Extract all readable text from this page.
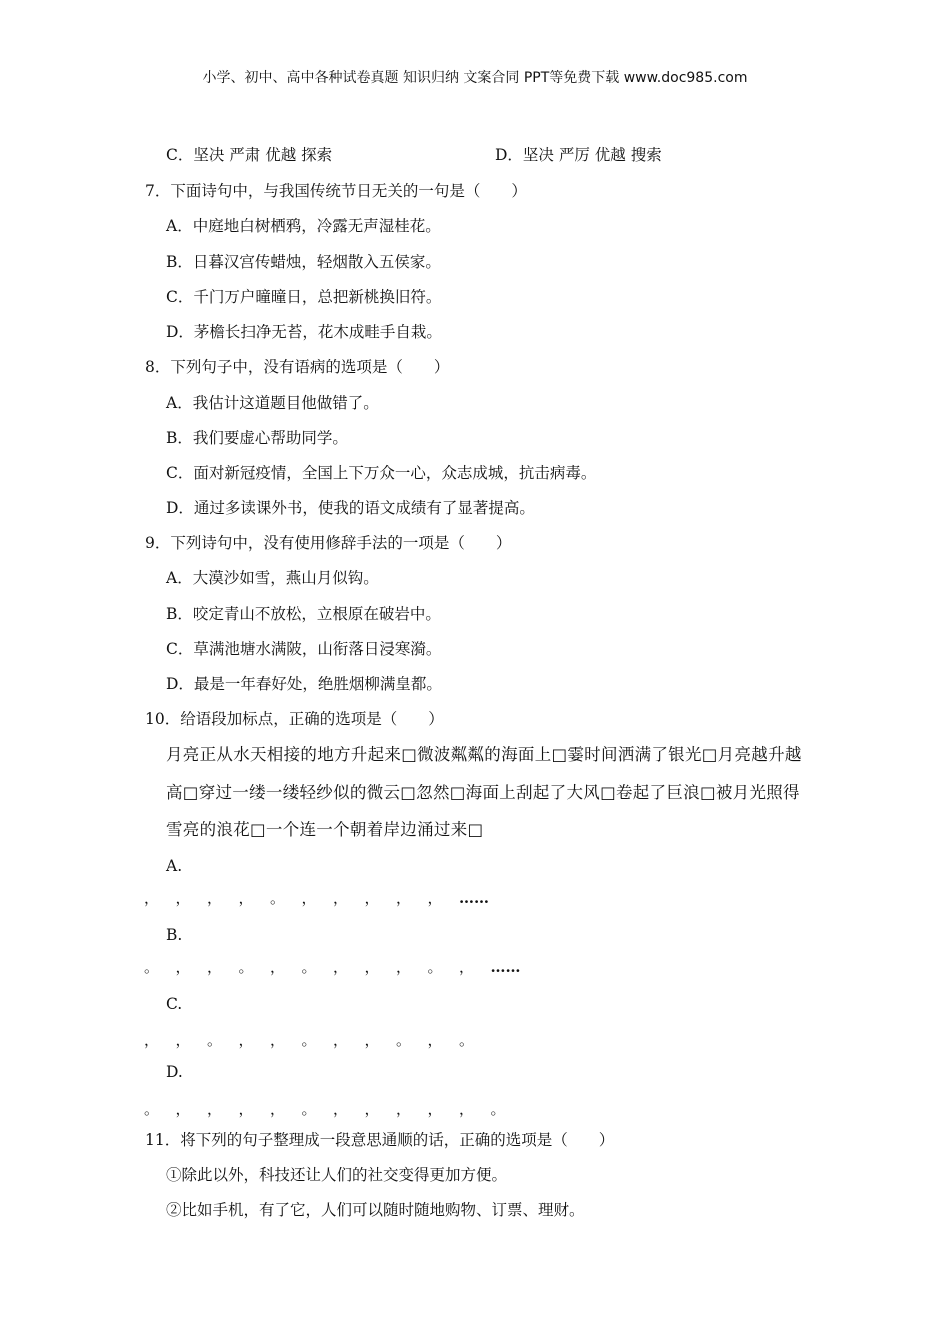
小学、初中、高中各种试卷真题 知识归纳 文案合同 PPT等免费下载 www.doc985.com
C．坚决 严肃 优越 探索	D．坚决 严厉 优越 搜索
7．下面诗句中，与我国传统节日无关的一句是（　　）
A．中庭地白树栖鸦，冷露无声湿桂花。
B．日暮汉宫传蜡烛，轻烟散入五侯家。
C．千门万户曈曈日，总把新桃换旧符。
D．茅檐长扫净无苔，花木成畦手自栽。
8．下列句子中，没有语病的选项是（　　）
A．我估计这道题目他做错了。
B．我们要虚心帮助同学。
C．面对新冠疫情，全国上下万众一心，众志成城，抗击病毒。
D．通过多读课外书，使我的语文成绩有了显著提高。
9．下列诗句中，没有使用修辞手法的一项是（　　）
A．大漠沙如雪，燕山月似钩。
B．咬定青山不放松，立根原在破岩中。
C．草满池塘水满陂，山衔落日浸寒漪。
D．最是一年春好处，绝胜烟柳满皇都。
10．给语段加标点，正确的选项是（　　）
月亮正从水天相接的地方升起来□微波粼粼的海面上□霎时间洒满了银光□月亮越升越
高□穿过一缕一缕轻纱似的微云□忽然□海面上刮起了大风□卷起了巨浪□被月光照得
雪亮的浪花□一个连一个朝着岸边涌过来□
A.
， ， ， ， 。 ， ， ， ， ， ……
B.
。 ， ， 。 ， 。 ， ， ， 。 ， ……
C.
， ， 。 ， ， 。 ， ， 。 ， 。
D.
。 ， ， ， ， 。 ， ， ， ， ， 。
11．将下列的句子整理成一段意思通顺的话，正确的选项是（　　）
①除此以外，科技还让人们的社交变得更加方便。
②比如手机，有了它，人们可以随时随地购物、订票、理财。
